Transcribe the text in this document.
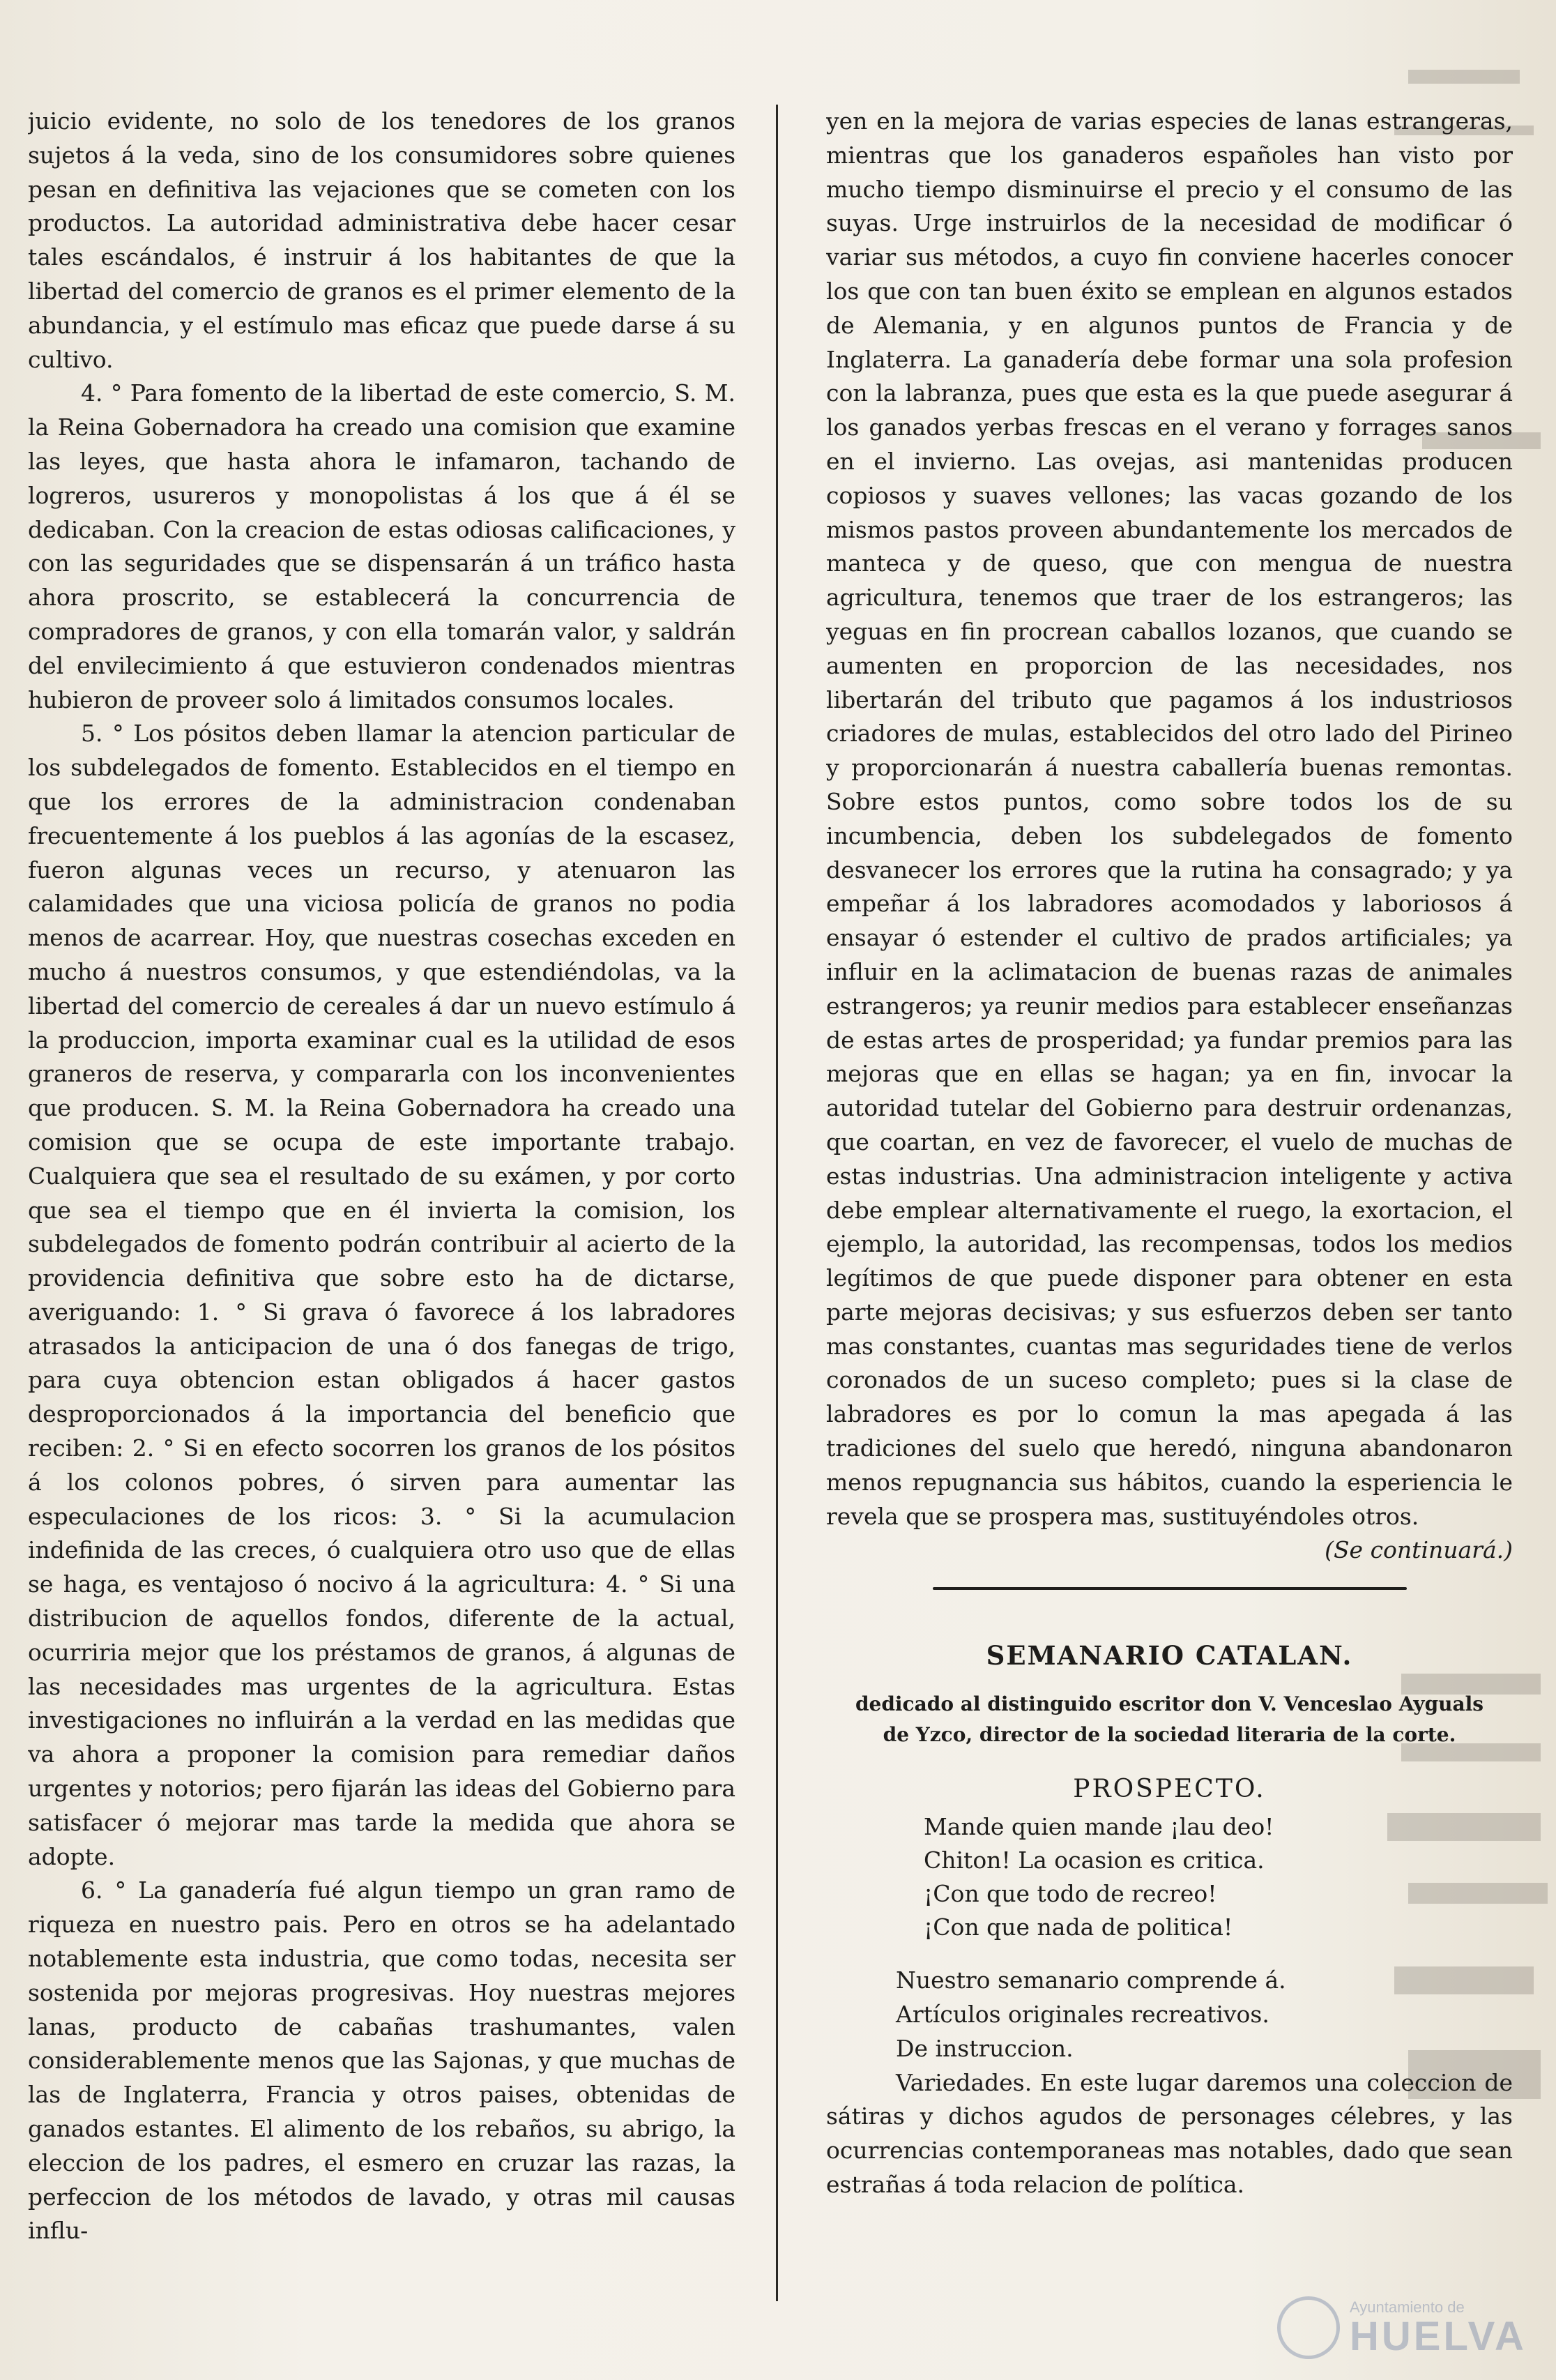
juicio evidente, no solo de los tenedores de los granos sujetos á la veda, sino de los consumidores sobre quienes pesan en definitiva las vejaciones que se cometen con los productos. La autoridad administrativa debe hacer cesar tales escándalos, é instruir á los habitantes de que la libertad del comercio de granos es el primer elemento de la abundancia, y el estímulo mas eficaz que puede darse á su cultivo.

4. ° Para fomento de la libertad de este comercio, S. M. la Reina Gobernadora ha creado una comision que examine las leyes, que hasta ahora le infamaron, tachando de logreros, usureros y monopolistas á los que á él se dedicaban. Con la creacion de estas odiosas calificaciones, y con las seguridades que se dispensarán á un tráfico hasta ahora proscrito, se establecerá la concurrencia de compradores de granos, y con ella tomarán valor, y saldrán del envilecimiento á que estuvieron condenados mientras hubieron de proveer solo á limitados consumos locales.

5. ° Los pósitos deben llamar la atencion particular de los subdelegados de fomento. Establecidos en el tiempo en que los errores de la administracion condenaban frecuentemente á los pueblos á las agonías de la escasez, fueron algunas veces un recurso, y atenuaron las calamidades que una viciosa policía de granos no podia menos de acarrear. Hoy, que nuestras cosechas exceden en mucho á nuestros consumos, y que estendiéndolas, va la libertad del comercio de cereales á dar un nuevo estímulo á la produccion, importa examinar cual es la utilidad de esos graneros de reserva, y compararla con los inconvenientes que producen. S. M. la Reina Gobernadora ha creado una comision que se ocupa de este importante trabajo. Cualquiera que sea el resultado de su exámen, y por corto que sea el tiempo que en él invierta la comision, los subdelegados de fomento podrán contribuir al acierto de la providencia definitiva que sobre esto ha de dictarse, averiguando: 1. ° Si grava ó favorece á los labradores atrasados la anticipacion de una ó dos fanegas de trigo, para cuya obtencion estan obligados á hacer gastos desproporcionados á la importancia del beneficio que reciben: 2. ° Si en efecto socorren los granos de los pósitos á los colonos pobres, ó sirven para aumentar las especulaciones de los ricos: 3. ° Si la acumulacion indefinida de las creces, ó cualquiera otro uso que de ellas se haga, es ventajoso ó nocivo á la agricultura: 4. ° Si una distribucion de aquellos fondos, diferente de la actual, ocurriria mejor que los préstamos de granos, á algunas de las necesidades mas urgentes de la agricultura. Estas investigaciones no influirán a la verdad en las medidas que va ahora a proponer la comision para remediar daños urgentes y notorios; pero fijarán las ideas del Gobierno para satisfacer ó mejorar mas tarde la medida que ahora se adopte.

6. ° La ganadería fué algun tiempo un gran ramo de riqueza en nuestro pais. Pero en otros se ha adelantado notablemente esta industria, que como todas, necesita ser sostenida por mejoras progresivas. Hoy nuestras mejores lanas, producto de cabañas trashumantes, valen considerablemente menos que las Sajonas, y que muchas de las de Inglaterra, Francia y otros paises, obtenidas de ganados estantes. El alimento de los rebaños, su abrigo, la eleccion de los padres, el esmero en cruzar las razas, la perfeccion de los métodos de lavado, y otras mil causas influ-

yen en la mejora de varias especies de lanas estrangeras, mientras que los ganaderos españoles han visto por mucho tiempo disminuirse el precio y el consumo de las suyas. Urge instruirlos de la necesidad de modificar ó variar sus métodos, a cuyo fin conviene hacerles conocer los que con tan buen éxito se emplean en algunos estados de Alemania, y en algunos puntos de Francia y de Inglaterra. La ganadería debe formar una sola profesion con la labranza, pues que esta es la que puede asegurar á los ganados yerbas frescas en el verano y forrages sanos en el invierno. Las ovejas, asi mantenidas producen copiosos y suaves vellones; las vacas gozando de los mismos pastos proveen abundantemente los mercados de manteca y de queso, que con mengua de nuestra agricultura, tenemos que traer de los estrangeros; las yeguas en fin procrean caballos lozanos, que cuando se aumenten en proporcion de las necesidades, nos libertarán del tributo que pagamos á los industriosos criadores de mulas, establecidos del otro lado del Pirineo y proporcionarán á nuestra caballería buenas remontas. Sobre estos puntos, como sobre todos los de su incumbencia, deben los subdelegados de fomento desvanecer los errores que la rutina ha consagrado; y ya empeñar á los labradores acomodados y laboriosos á ensayar ó estender el cultivo de prados artificiales; ya influir en la aclimatacion de buenas razas de animales estrangeros; ya reunir medios para establecer enseñanzas de estas artes de prosperidad; ya fundar premios para las mejoras que en ellas se hagan; ya en fin, invocar la autoridad tutelar del Gobierno para destruir ordenanzas, que coartan, en vez de favorecer, el vuelo de muchas de estas industrias. Una administracion inteligente y activa debe emplear alternativamente el ruego, la exortacion, el ejemplo, la autoridad, las recompensas, todos los medios legítimos de que puede disponer para obtener en esta parte mejoras decisivas; y sus esfuerzos deben ser tanto mas constantes, cuantas mas seguridades tiene de verlos coronados de un suceso completo; pues si la clase de labradores es por lo comun la mas apegada á las tradiciones del suelo que heredó, ninguna abandonaron menos repugnancia sus hábitos, cuando la esperiencia le revela que se prospera mas, sustituyéndoles otros.

(Se continuará.)

SEMANARIO CATALAN.
dedicado al distinguido escritor don V. Venceslao Ayguals de Yzco, director de la sociedad literaria de la corte.
PROSPECTO.

Mande quien mande ¡lau deo!

Chiton! La ocasion es critica.

¡Con que todo de recreo!

¡Con que nada de politica!

Nuestro semanario comprende á.

Artículos originales recreativos.

De instruccion.

Variedades. En este lugar daremos una coleccion de sátiras y dichos agudos de personages célebres, y las ocurrencias contemporaneas mas notables, dado que sean estrañas á toda relacion de política.

Ayuntamiento de
HUELVA
